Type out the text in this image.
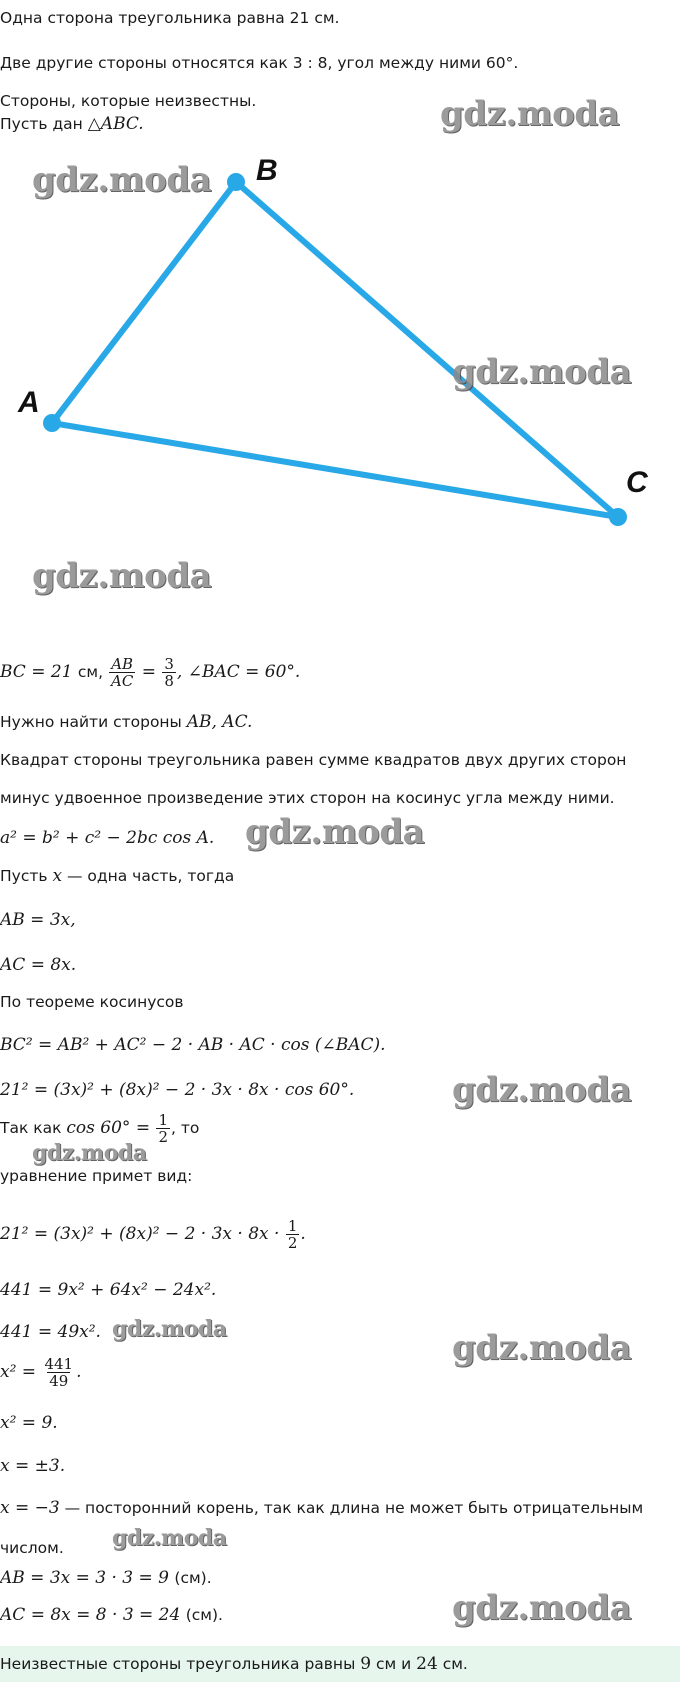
Одна сторона треугольника равна 21 см.
Две другие стороны относятся как 3 : 8, угол между ними 60°.
Стороны, которые неизвестны.
Пусть дан △ABC.
A
B
C
BC = 21 см, $\frac{AB}{AC} = \frac{3}{8}$ , ∠BAC = 60°.
Нужно найти стороны AB, AC.
Квадрат стороны треугольника равен сумме квадратов двух других сторон
минус удвоенное произведение этих сторон на косинус угла между ними.
a² = b² + c² − 2bc cos A.
Пусть x — одна часть, тогда
AB = 3x,
AC = 8x.
По теореме косинусов
BC² = AB² + AC² − 2 · AB · AC · cos (∠BAC).
21² = (3x)² + (8x)² − 2 · 3x · 8x · cos 60°.
Так как $\cos 60^\circ = \frac{1}{2}$ , то
уравнение примет вид:
$21^2 = (3x)^2 + (8x)^2 - 2 \cdot 3x \cdot 8x \cdot \frac{1}{2}$ .
441 = 9x² + 64x² − 24x².
441 = 49x².
$x^2 = \frac{441}{49}$ .
x² = 9.
x = ±3.
x = −3 — посторонний корень, так как длина не может быть отрицательным
числом.
AB = 3x = 3 · 3 = 9 (см).
AC = 8x = 8 · 3 = 24 (см).
Неизвестные стороны треугольника равны 9 см и 24 см.
gdz.moda
gdz.moda
gdz.moda
gdz.moda
gdz.moda
gdz.moda
gdz.moda
gdz.moda	gdz.moda
gdz.moda
gdz.moda
